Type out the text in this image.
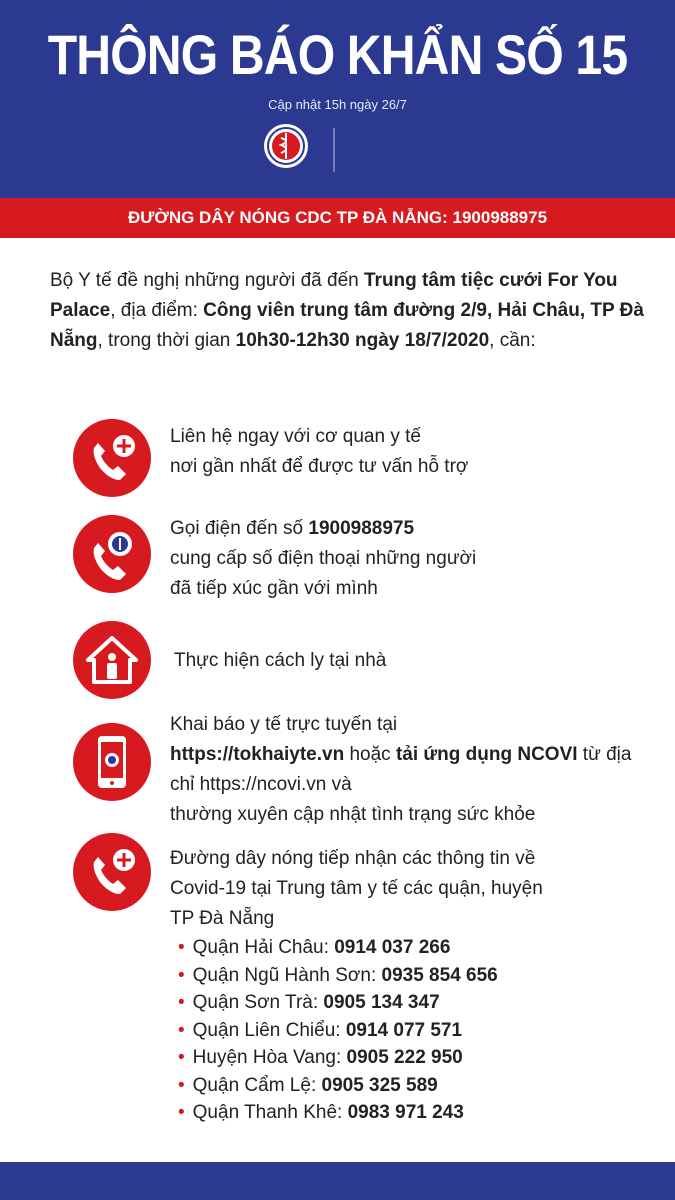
THÔNG BÁO KHẨN SỐ 15
Cập nhật 15h ngày 26/7
ĐƯỜNG DÂY NÓNG CDC TP ĐÀ NẴNG: 1900988975
Bộ Y tế đề nghị những người đã đến Trung tâm tiệc cưới For You Palace, địa điểm: Công viên trung tâm đường 2/9, Hải Châu, TP Đà Nẵng, trong thời gian 10h30-12h30 ngày 18/7/2020, cần:
Liên hệ ngay với cơ quan y tế
nơi gần nhất để được tư vấn hỗ trợ
Gọi điện đến số 1900988975
cung cấp số điện thoại những người
đã tiếp xúc gần với mình
Thực hiện cách ly tại nhà
Khai báo y tế trực tuyến tại
https://tokhaiyte.vn hoặc tải ứng dụng NCOVI từ địa chỉ https://ncovi.vn và
thường xuyên cập nhật tình trạng sức khỏe
Đường dây nóng tiếp nhận các thông tin về
Covid-19 tại Trung tâm y tế các quận, huyện
TP Đà Nẵng
• Quận Hải Châu: 0914 037 266
• Quận Ngũ Hành Sơn: 0935 854 656
• Quận Sơn Trà: 0905 134 347
• Quận Liên Chiểu: 0914 077 571
• Huyện Hòa Vang: 0905 222 950
• Quận Cẩm Lệ: 0905 325 589
• Quận Thanh Khê: 0983 971 243
